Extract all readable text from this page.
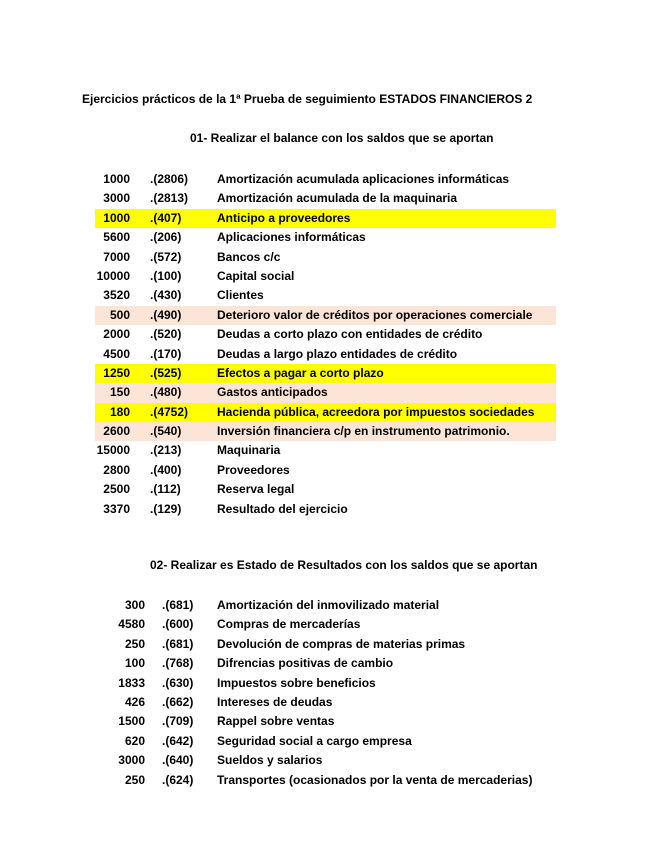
Ejercicios prácticos de la 1ª Prueba de seguimiento ESTADOS FINANCIEROS 2
01- Realizar el balance con los saldos que se aportan
1000 .(2806) Amortización acumulada aplicaciones informáticas
3000 .(2813) Amortización acumulada de la maquinaria
1000 .(407)	Anticipo a proveedores
5600 .(206)	Aplicaciones informáticas
7000 .(572)	Bancos c/c
10000 .(100)	Capital social
3520 .(430)	Clientes
500 .(490)	Deterioro valor de créditos por operaciones comerciale
2000 .(520)	Deudas a corto plazo con entidades de crédito
4500 .(170)	Deudas a largo plazo entidades de crédito
1250 .(525)	Efectos a pagar a corto plazo
150 .(480)	Gastos anticipados
180 .(4752) Hacienda pública, acreedora por impuestos sociedades
2600 .(540)	Inversión financiera c/p en instrumento patrimonio.
15000 .(213)	Maquinaria
2800 .(400)	Proveedores
2500 .(112)	Reserva legal
3370 .(129)	Resultado del ejercicio
02- Realizar es Estado de Resultados con los saldos que se aportan
300 .(681) Amortización del inmovilizado material
4580 .(600) Compras de mercaderías
250 .(681) Devolución de compras de materias primas
100 .(768) Difrencias positivas de cambio
1833 .(630) Impuestos sobre beneficios
426 .(662) Intereses de deudas
1500 .(709) Rappel sobre ventas
620 .(642) Seguridad social a cargo empresa
3000 .(640) Sueldos y salarios
250 .(624) Transportes (ocasionados por la venta de mercaderias)
